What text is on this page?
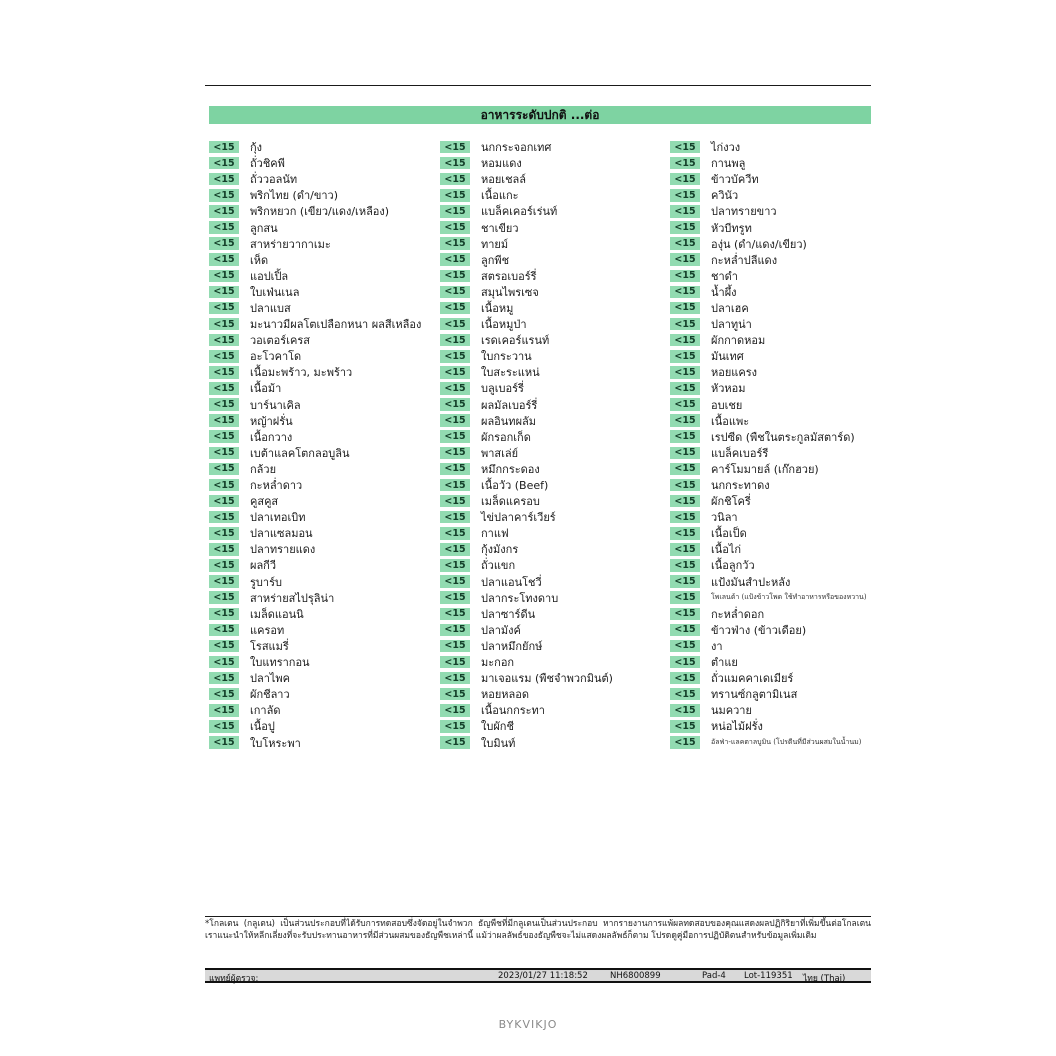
อาหารระดับปกติ ...ต่อ
<15	กุ้ง
<15	ถั่วชิคพี
<15	ถั่ววอลนัท
<15	พริกไทย (ดำ/ขาว)
<15	พริกหยวก (เขียว/แดง/เหลือง)
<15	ลูกสน
<15	สาหร่ายวากาเมะ
<15	เห็ด
<15	แอปเปิ้ล
<15	ใบเฟ่นเนล
<15	ปลาแบส
<15	มะนาวมีผลโตเปลือกหนา ผลสีเหลือง
<15	วอเตอร์เครส
<15	อะโวคาโด
<15	เนื้อมะพร้าว, มะพร้าว
<15	เนื้อม้า
<15	บาร์นาเคิล
<15	หญ้าฝรั่น
<15	เนื้อกวาง
<15	เบต้าแลคโตกลอบูลิน
<15	กล้วย
<15	กะหล่ำดาว
<15	คูสคูส
<15	ปลาเทอเบิท
<15	ปลาแซลมอน
<15	ปลาทรายแดง
<15	ผลกีวี
<15	รูบาร์บ
<15	สาหร่ายสไปรุลิน่า
<15	เมล็ดแอนนิ
<15	แครอท
<15	โรสแมรี่
<15	ใบแทรากอน
<15	ปลาไพค
<15	ผักชีลาว
<15	เกาลัด
<15	เนื้อปู
<15	ใบโหระพา
<15	นกกระจอกเทศ
<15	หอมแดง
<15	หอยเชลล์
<15	เนื้อแกะ
<15	แบล็คเคอร์เร่นท์
<15	ชาเขียว
<15	ทายม์
<15	ลูกพีช
<15	สตรอเบอร์รี่
<15	สมุนไพรเซจ
<15	เนื้อหมู
<15	เนื้อหมูป่า
<15	เรดเคอร์แรนท์
<15	ใบกระวาน
<15	ใบสะระแหน่
<15	บลูเบอร์รี่
<15	ผลมัลเบอร์รี่
<15	ผลอินทผลัม
<15	ผักรอกเก็ด
<15	พาสเล่ย์
<15	หมึกกระดอง
<15	เนื้อวัว (Beef)
<15	เมล็ดแครอบ
<15	ไข่ปลาคาร์เวียร์
<15	กาแฟ
<15	กุ้งมังกร
<15	ถั่วแขก
<15	ปลาแอนโชวี่
<15	ปลากระโทงดาบ
<15	ปลาซาร์ดีน
<15	ปลามังค์
<15	ปลาหมึกยักษ์
<15	มะกอก
<15	มาเจอแรม (พืชจำพวกมินต์)
<15	หอยหลอด
<15	เนื้อนกกระทา
<15	ใบผักชี
<15	ใบมินท์
<15	ไก่งวง
<15	กานพลู
<15	ข้าวบัควีท
<15	ควินัว
<15	ปลาทรายขาว
<15	หัวบีทรูท
<15	องุ่น (ดำ/แดง/เขียว)
<15	กะหล่ำปลีแดง
<15	ชาดำ
<15	น้ำผึ้ง
<15	ปลาเฮค
<15	ปลาทูน่า
<15	ผักกาดหอม
<15	มันเทศ
<15	หอยแครง
<15	หัวหอม
<15	อบเชย
<15	เนื้อแพะ
<15	เรปซีด (พืชในตระกูลมัสตาร์ด)
<15	แบล็คเบอร์รี
<15	คาร์โมมายล์ (เก๊กฮวย)
<15	นกกระทาดง
<15	ผักชิโครี่
<15	วนิลา
<15	เนื้อเป็ด
<15	เนื้อไก่
<15	เนื้อลูกวัว
<15	แป้งมันสำปะหลัง
<15	โพเลนต้า (แป้งข้าวโพด ใช้ทำอาหารหรือของหวาน)
<15	กะหล่ำดอก
<15	ข้าวฟ่าง (ข้าวเดือย)
<15	งา
<15	ตำแย
<15	ถั่วแมคคาเดเมียร์
<15	ทรานซ์กลูตามิเนส
<15	นมควาย
<15	หน่อไม้ฝรั่ง
<15	อัลฟ่า-แลคตาลบูมิน (โปรตีนที่มีส่วนผสมในน้ำนม)

*โกลเตน (กลูเตน) เป็นส่วนประกอบที่ได้รับการทดสอบซึ่งจัดอยู่ในจำพวก ธัญพืชที่มีกลูเตนเป็นส่วนประกอบ หากรายงานการแพ้ผลทดสอบของคุณแสดงผลปฏิกิริยาที่เพิ่มขึ้นต่อโกลเตน เราแนะนำให้หลีกเลี่ยงที่จะรับประทานอาหารที่มีส่วนผสมของธัญพืชเหล่านี้ แม้ว่าผลลัพธ์ของธัญพืชจะไม่แสดงผลลัพธ์ก็ตาม โปรดดูคู่มือการปฏิบัติตนสำหรับข้อมูลเพิ่มเติม

แพทย์ผู้ตรวจ:	2023/01/27 11:18:52	NH6800899	Pad-4 Lot-119351 ไทย (Thai)
BYKVIKJO
